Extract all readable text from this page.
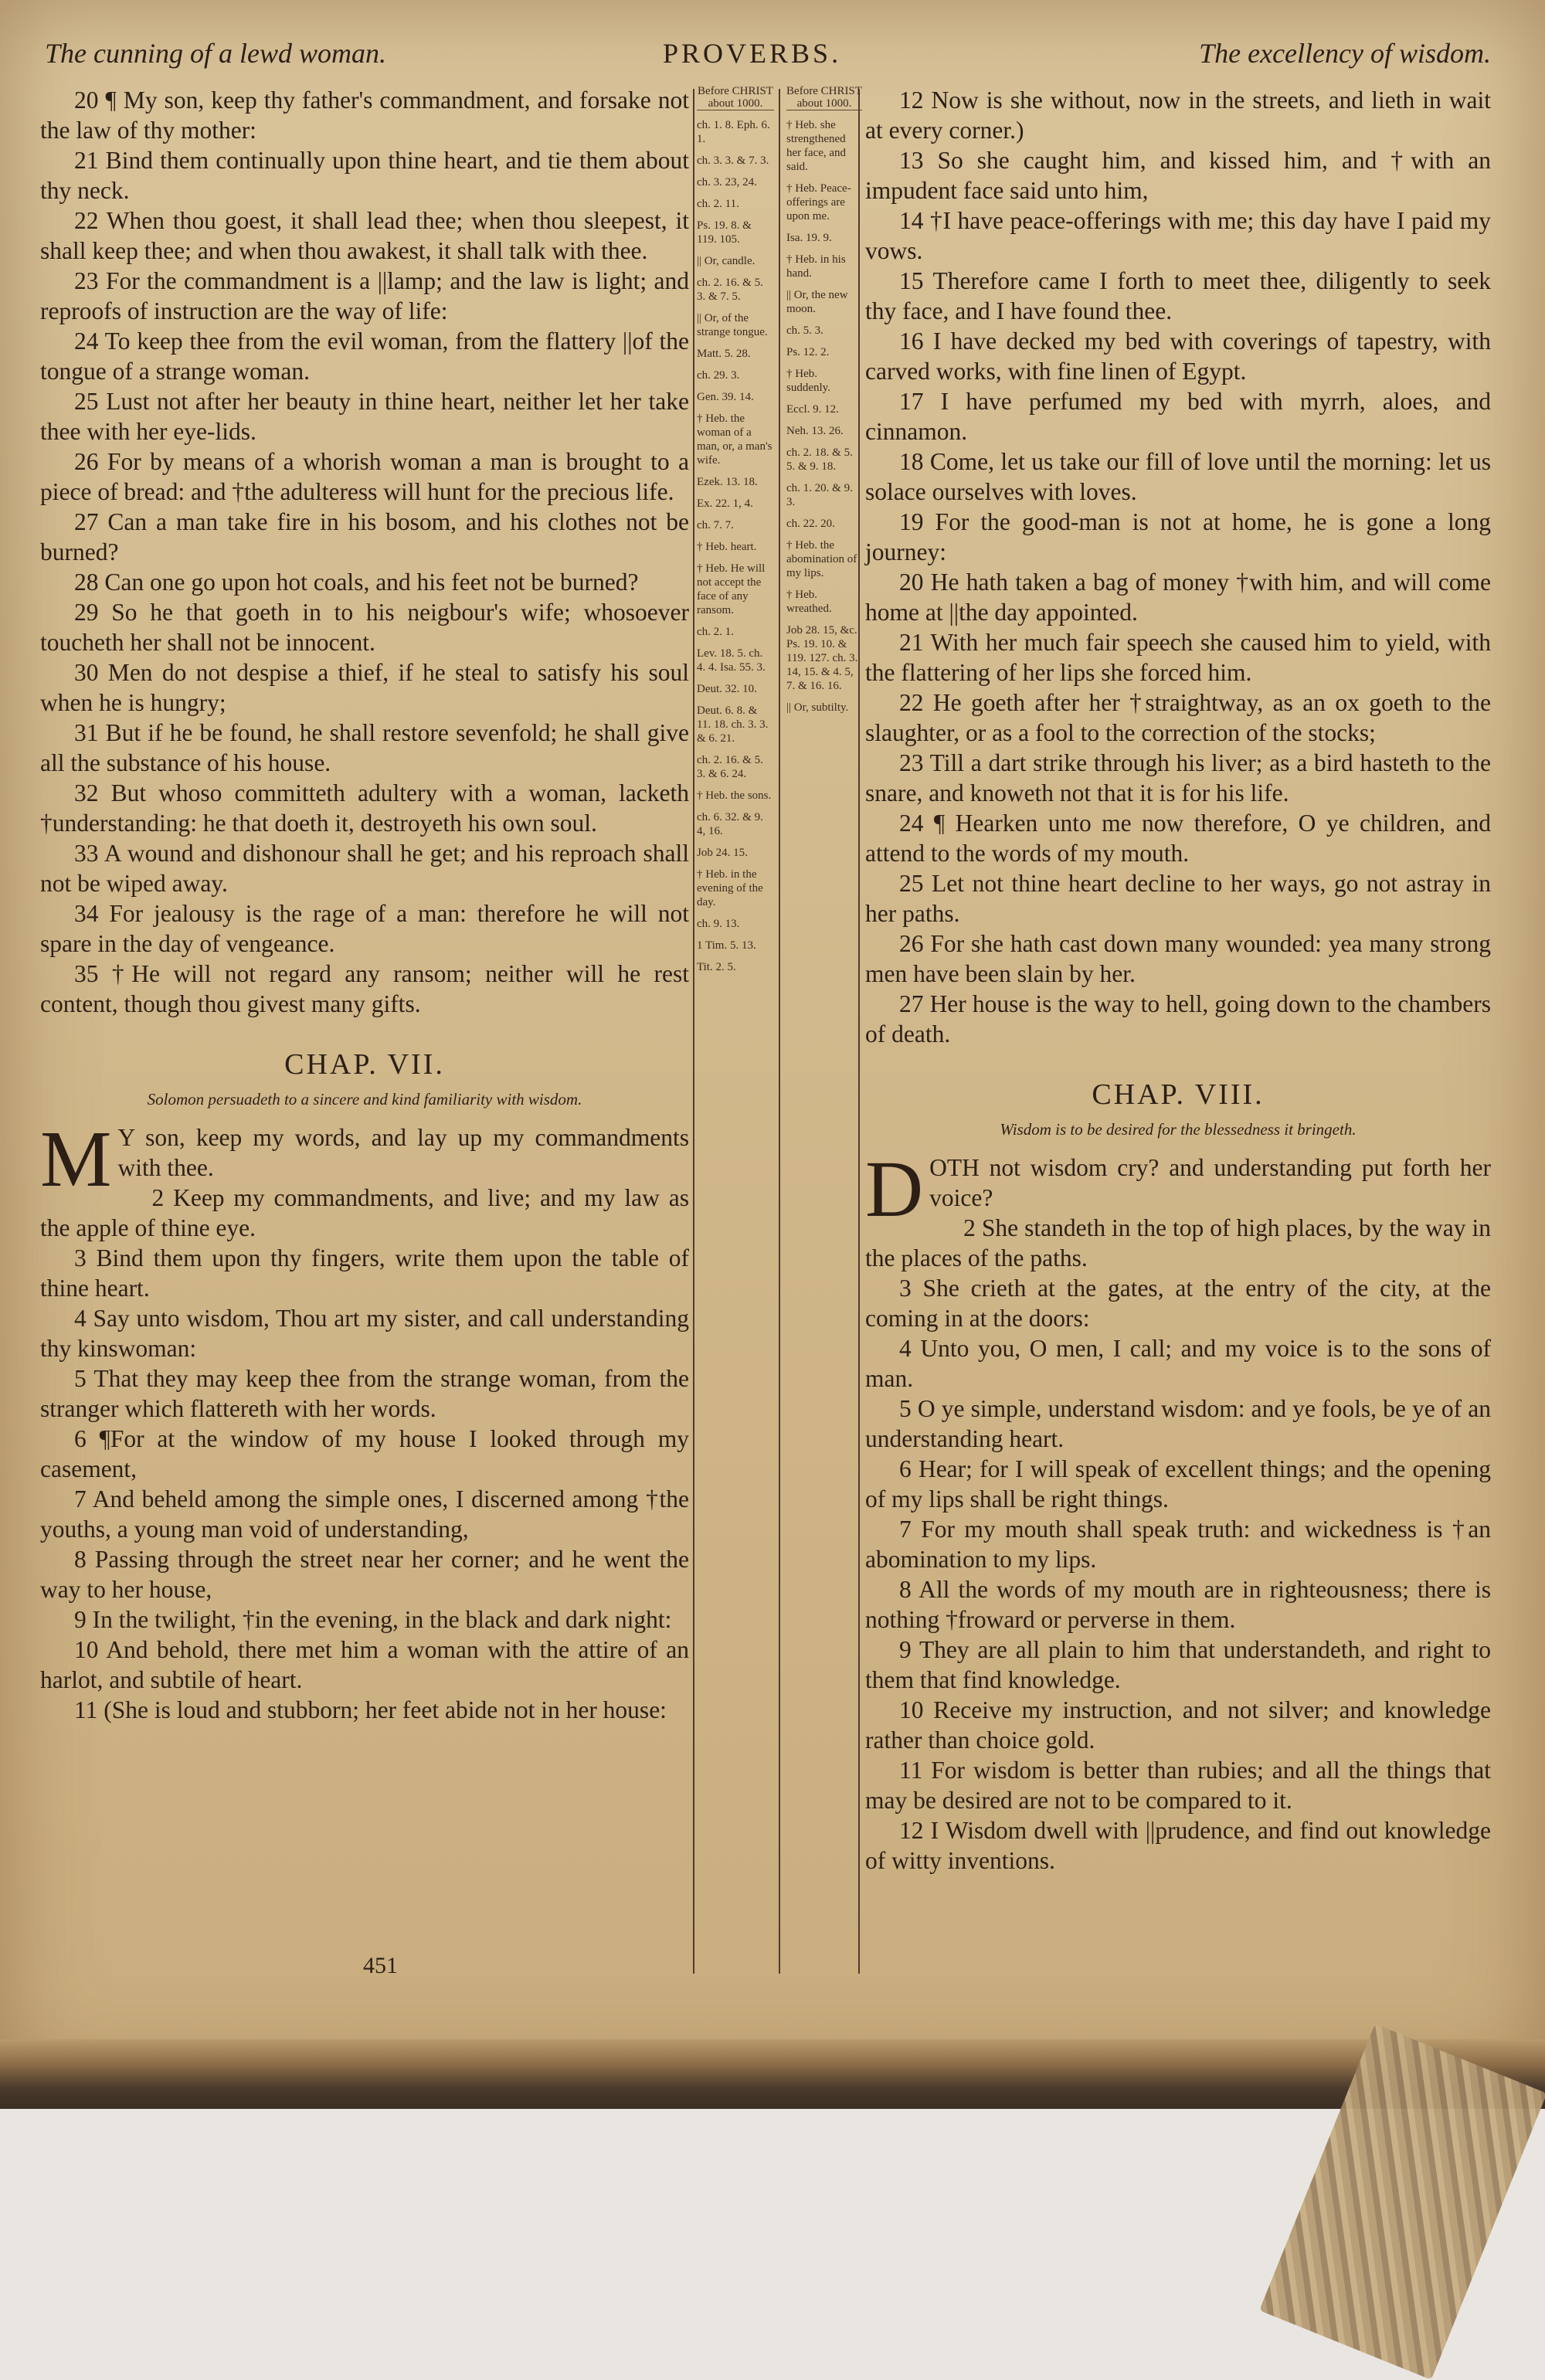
The cunning of a lewd woman.	PROVERBS.	The excellency of wisdom.
20 ¶ My son, keep thy father's commandment, and forsake not the law of thy mother:
21 Bind them continually upon thine heart, and tie them about thy neck.
22 When thou goest, it shall lead thee; when thou sleepest, it shall keep thee; and when thou awakest, it shall talk with thee.
23 For the commandment is a ||lamp; and the law is light; and reproofs of instruction are the way of life:
24 To keep thee from the evil woman, from the flattery ||of the tongue of a strange woman.
25 Lust not after her beauty in thine heart, neither let her take thee with her eye-lids.
26 For by means of a whorish woman a man is brought to a piece of bread: and †the adulteress will hunt for the precious life.
27 Can a man take fire in his bosom, and his clothes not be burned?
28 Can one go upon hot coals, and his feet not be burned?
29 So he that goeth in to his neigbour's wife; whosoever toucheth her shall not be innocent.
30 Men do not despise a thief, if he steal to satisfy his soul when he is hungry;
31 But if he be found, he shall restore sevenfold; he shall give all the substance of his house.
32 But whoso committeth adultery with a woman, lacketh †understanding: he that doeth it, destroyeth his own soul.
33 A wound and dishonour shall he get; and his reproach shall not be wiped away.
34 For jealousy is the rage of a man: therefore he will not spare in the day of vengeance.
35 †He will not regard any ransom; neither will he rest content, though thou givest many gifts.

CHAP. VII.

Solomon persuadeth to a sincere and kind familiarity with wisdom.

M Y son, keep my words, and lay up my commandments with thee.

2 Keep my commandments, and live; and my law as the apple of thine eye.
3 Bind them upon thy fingers, write them upon the table of thine heart.
4 Say unto wisdom, Thou art my sister, and call understanding thy kinswoman:
5 That they may keep thee from the strange woman, from the stranger which flattereth with her words.
6 ¶For at the window of my house I looked through my casement,
7 And beheld among the simple ones, I discerned among †the youths, a young man void of understanding,
8 Passing through the street near her corner; and he went the way to her house,
9 In the twilight, †in the evening, in the black and dark night:
10 And behold, there met him a woman with the attire of an harlot, and subtile of heart.
11 (She is loud and stubborn; her feet abide not in her house:
Before CHRIST about 1000.
ch. 1. 8. Eph. 6. 1.
ch. 3. 3. & 7. 3.
ch. 3. 23, 24.
ch. 2. 11.
Ps. 19. 8. & 119. 105.
|| Or, candle.
ch. 2. 16. & 5. 3. & 7. 5.
|| Or, of the strange tongue.
Matt. 5. 28.
ch. 29. 3.
Gen. 39. 14.
† Heb. the woman of a man, or, a man's wife.
Ezek. 13. 18.
Ex. 22. 1, 4.
ch. 7. 7.
† Heb. heart.
† Heb. He will not accept the face of any ransom.
ch. 2. 1.
Lev. 18. 5. ch. 4. 4. Isa. 55. 3.
Deut. 32. 10.
Deut. 6. 8. & 11. 18. ch. 3. 3. & 6. 21.
ch. 2. 16. & 5. 3. & 6. 24.
† Heb. the sons.
ch. 6. 32. & 9. 4, 16.
Job 24. 15.
† Heb. in the evening of the day.
ch. 9. 13.
1 Tim. 5. 13.
Tit. 2. 5.
Before CHRIST about 1000.
† Heb. she strengthened her face, and said.
† Heb. Peace-offerings are upon me.
Isa. 19. 9.
† Heb. in his hand.
|| Or, the new moon.
ch. 5. 3.
Ps. 12. 2.
† Heb. suddenly.
Eccl. 9. 12.
Neh. 13. 26.
ch. 2. 18. & 5. 5. & 9. 18.
ch. 1. 20. & 9. 3.
ch. 22. 20.
† Heb. the abomination of my lips.
† Heb. wreathed.
Job 28. 15, &c. Ps. 19. 10. & 119. 127. ch. 3. 14, 15. & 4. 5, 7. & 16. 16.
|| Or, subtilty.
12 Now is she without, now in the streets, and lieth in wait at every corner.)
13 So she caught him, and kissed him, and †with an impudent face said unto him,
14 †I have peace-offerings with me; this day have I paid my vows.
15 Therefore came I forth to meet thee, diligently to seek thy face, and I have found thee.
16 I have decked my bed with coverings of tapestry, with carved works, with fine linen of Egypt.
17 I have perfumed my bed with myrrh, aloes, and cinnamon.
18 Come, let us take our fill of love until the morning: let us solace ourselves with loves.
19 For the good-man is not at home, he is gone a long journey:
20 He hath taken a bag of money †with him, and will come home at ||the day appointed.
21 With her much fair speech she caused him to yield, with the flattering of her lips she forced him.
22 He goeth after her †straightway, as an ox goeth to the slaughter, or as a fool to the correction of the stocks;
23 Till a dart strike through his liver; as a bird hasteth to the snare, and knoweth not that it is for his life.
24 ¶ Hearken unto me now therefore, O ye children, and attend to the words of my mouth.
25 Let not thine heart decline to her ways, go not astray in her paths.
26 For she hath cast down many wounded: yea many strong men have been slain by her.
27 Her house is the way to hell, going down to the chambers of death.

CHAP. VIII.

Wisdom is to be desired for the blessedness it bringeth.

DOTH not wisdom cry? and understanding put forth her voice?

2 She standeth in the top of high places, by the way in the places of the paths.
3 She crieth at the gates, at the entry of the city, at the coming in at the doors:
4 Unto you, O men, I call; and my voice is to the sons of man.
5 O ye simple, understand wisdom: and ye fools, be ye of an understanding heart.
6 Hear; for I will speak of excellent things; and the opening of my lips shall be right things.
7 For my mouth shall speak truth: and wickedness is †an abomination to my lips.
8 All the words of my mouth are in righteousness; there is nothing †froward or perverse in them.
9 They are all plain to him that understandeth, and right to them that find knowledge.
10 Receive my instruction, and not silver; and knowledge rather than choice gold.
11 For wisdom is better than rubies; and all the things that may be desired are not to be compared to it.
12 I Wisdom dwell with ||prudence, and find out knowledge of witty inventions.
451
